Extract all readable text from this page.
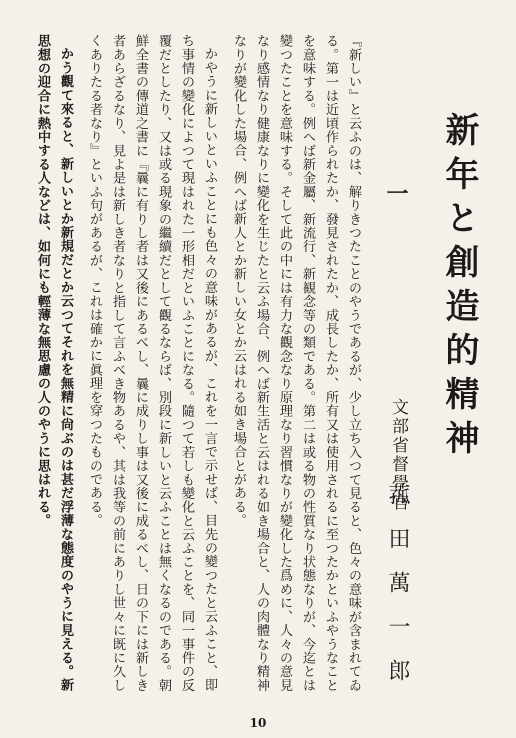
新年と創造的精神
一
文部省督學官
菰田萬一郎

『新しい』と云ふのは、解りきつたことのやうであるが、少し立ち入つて見ると、色々の意味が含まれてゐる。第一は近頃作られたか、發見されたか、成長したか、所有又は使用されるに至つたかといふやうなことを意味する。例へば新金屬、新流行、新観念等の類である。第二は或る物の性質なり状態なりが、今迄とは變つたことを意味する。そして此の中には有力な觀念なり原理なり習慣なりが變化した爲めに、人々の意見なり感情なり健康なりに變化を生じたと云ふ場合、例へば新生活と云はれる如き場合と、人の肉體なり精神なりが變化した場合、例へば新人とか新しい女とか云はれる如き場合とがある。

かやうに新しいといふことにも色々の意味があるが、これを一言で示せば、目先の變つたと云ふこと、即ち事情の變化によつて現はれた一形相だといふことになる。隨つて若しも變化と云ふことを、同一事件の反覆だとしたり、又は或る現象の繼續だとして觀るならば、別段に新しいと云ふことは無くなるのである。朝鮮全書の傳道之書に『曩に有りし者は又後にあるべし、曩に成りし事は又後に成るべし、日の下には新しき者あらざるなり、見よ是は新しき者なりと指して言ふべき物あるや、其は我等の前にありし世々に既に久しくありたる者なり』といふ句があるが、これは確かに眞理を穿つたものである。

かう觀て來ると、新しいとか新規だとか云つてそれを無精に尙ぶのは甚だ浮薄な態度のやうに見える。新思想の迎合に熱中する人などは、如何にも輕薄な無思慮の人のやうに思はれる。

10
